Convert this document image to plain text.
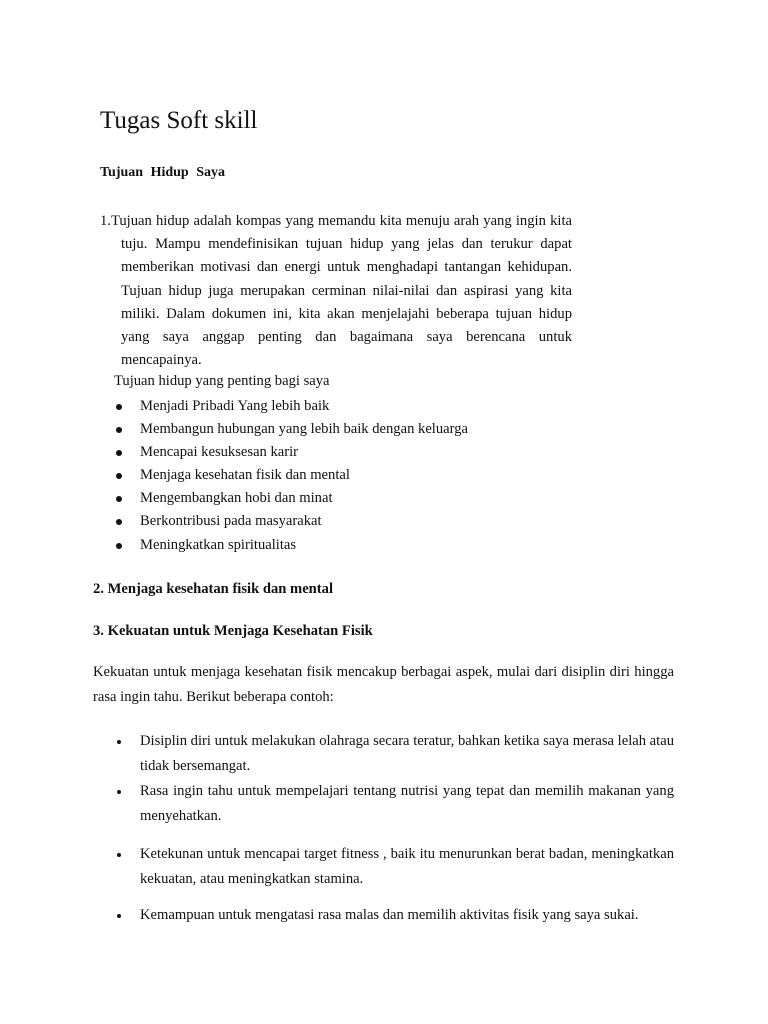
Tugas Soft skill
Tujuan Hidup Saya

1.Tujuan hidup adalah kompas yang memandu kita menuju arah yang ingin kita tuju. Mampu mendefinisikan tujuan hidup yang jelas dan terukur dapat memberikan motivasi dan energi untuk menghadapi tantangan kehidupan. Tujuan hidup juga merupakan cerminan nilai-nilai dan aspirasi yang kita miliki. Dalam dokumen ini, kita akan menjelajahi beberapa tujuan hidup yang saya anggap penting dan bagaimana saya berencana untuk mencapainya.

Tujuan hidup yang penting bagi saya
Menjadi Pribadi Yang lebih baik
Membangun hubungan yang lebih baik dengan keluarga
Mencapai kesuksesan karir
Menjaga kesehatan fisik dan mental
Mengembangkan hobi dan minat
Berkontribusi pada masyarakat
Meningkatkan spiritualitas
2. Menjaga kesehatan fisik dan mental
3. Kekuatan untuk Menjaga Kesehatan Fisik
Kekuatan untuk menjaga kesehatan fisik mencakup berbagai aspek, mulai dari disiplin diri hingga rasa ingin tahu. Berikut beberapa contoh:
Disiplin diri untuk melakukan olahraga secara teratur, bahkan ketika saya merasa lelah atau tidak bersemangat.
Rasa ingin tahu untuk mempelajari tentang nutrisi yang tepat dan memilih makanan yang menyehatkan.
Ketekunan untuk mencapai target fitness , baik itu menurunkan berat badan, meningkatkan kekuatan, atau meningkatkan stamina.
Kemampuan untuk mengatasi rasa malas dan memilih aktivitas fisik yang saya sukai.
